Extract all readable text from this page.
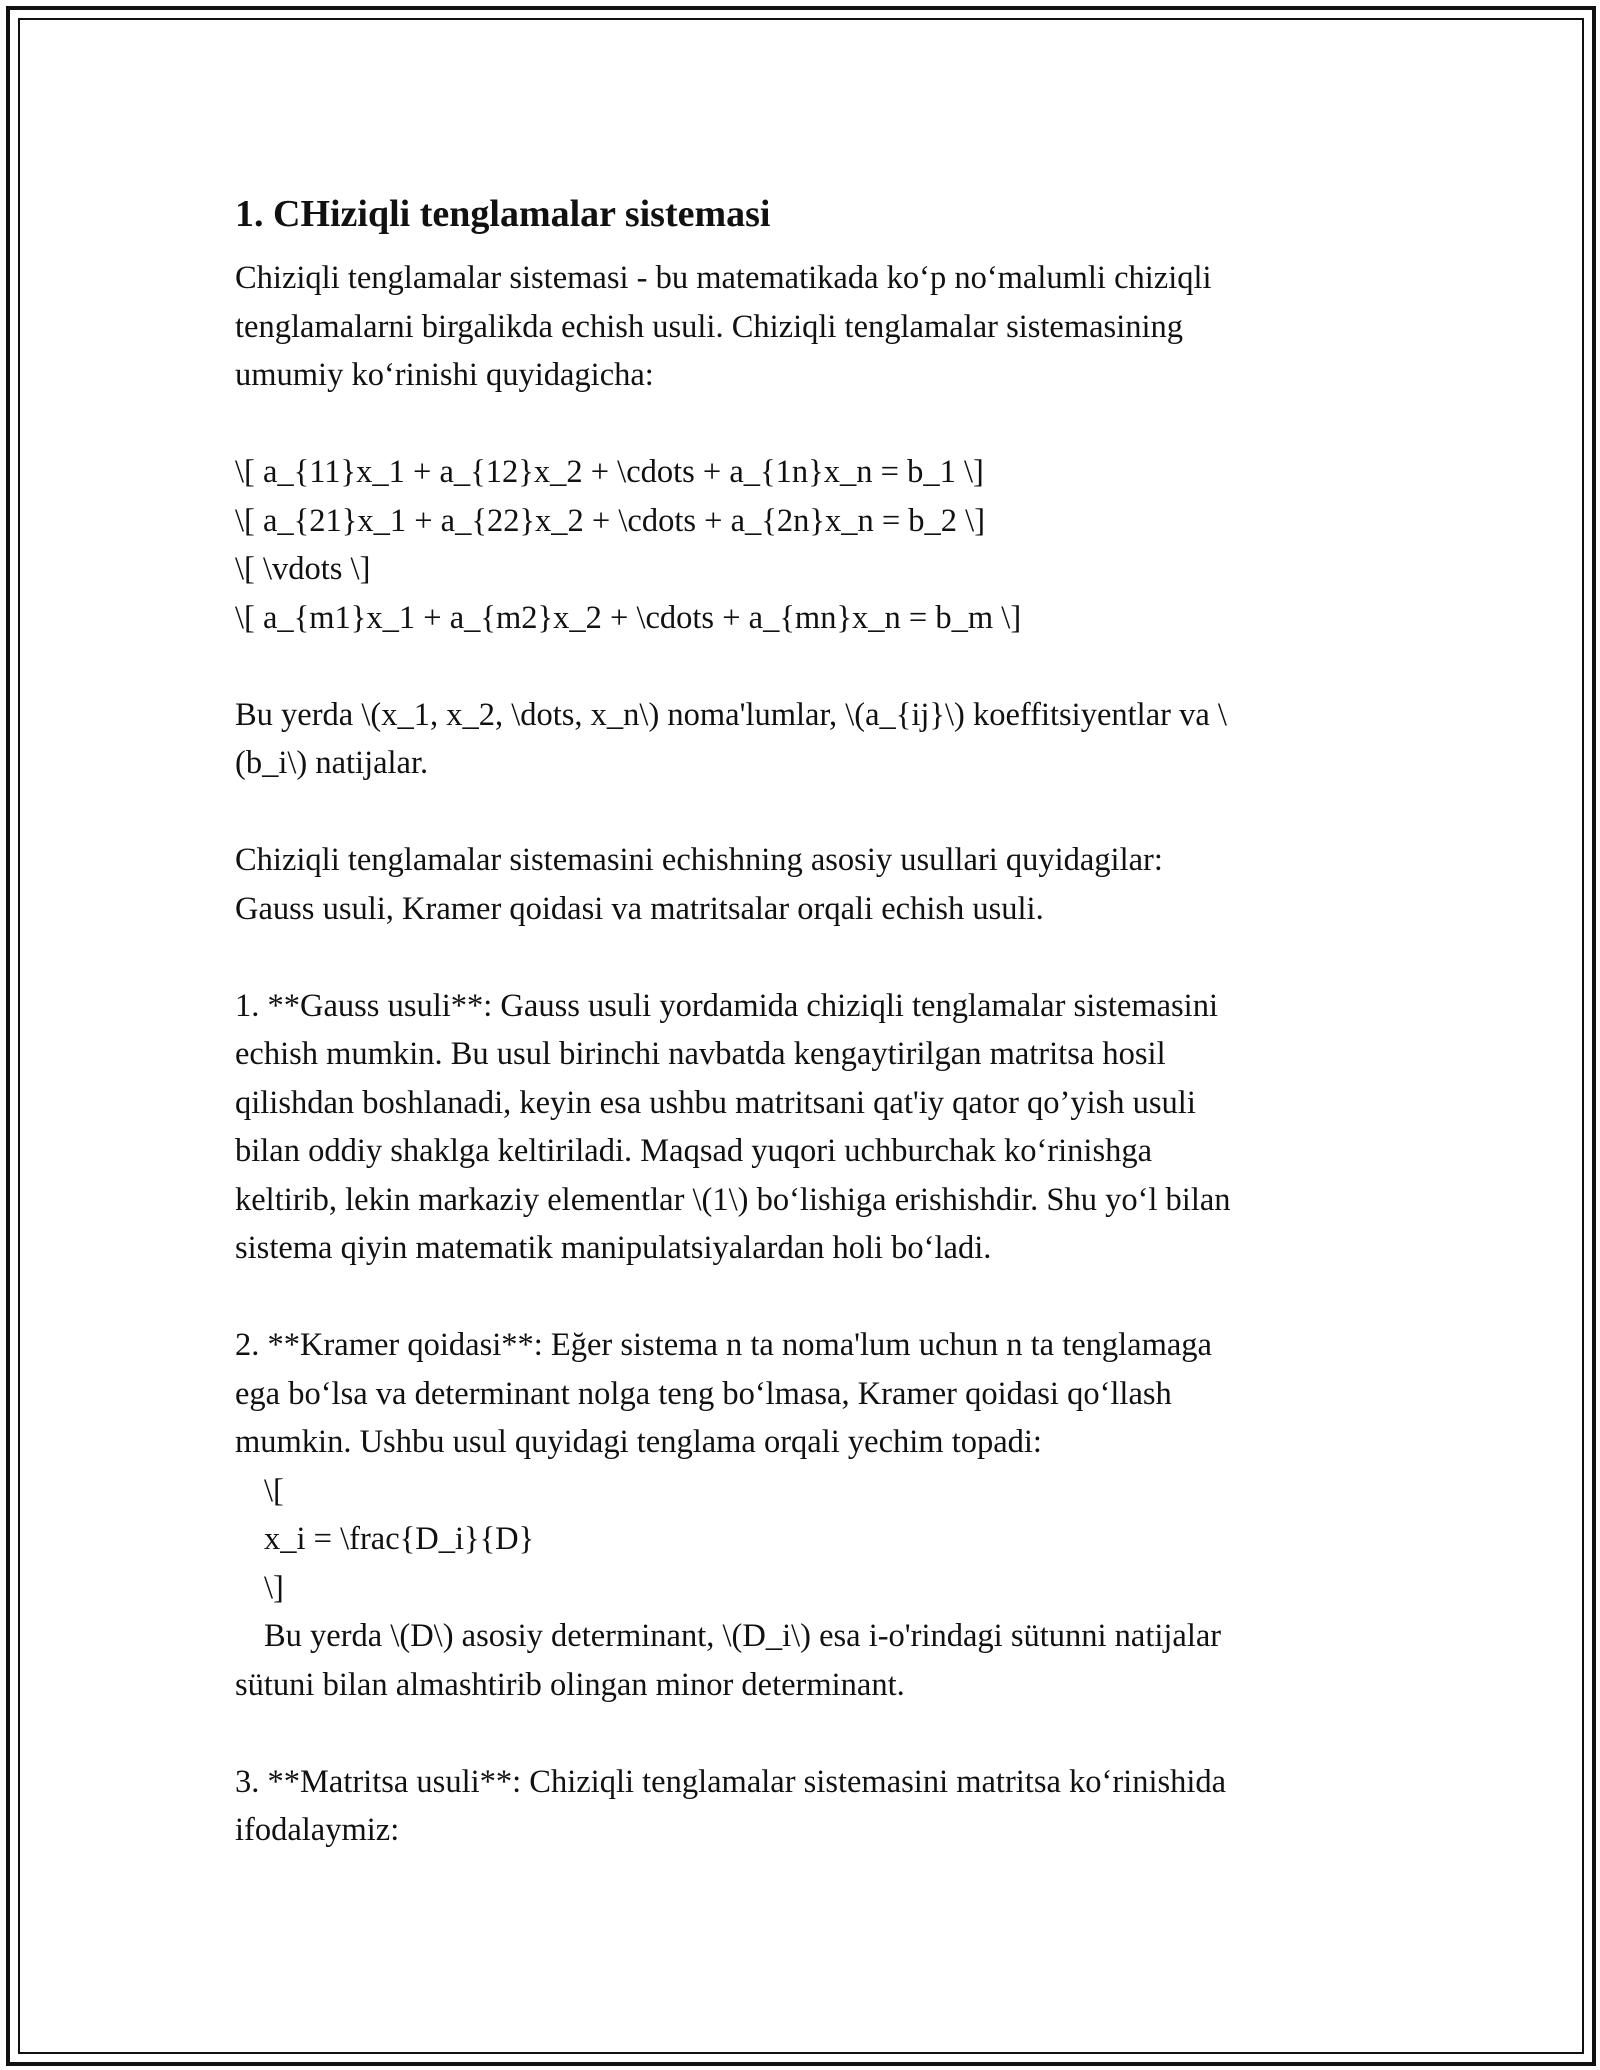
1. CHiziqli tenglamalar sistemasi

Chiziqli tenglamalar sistemasi - bu matematikada ko‘p no‘malumli chiziqli

tenglamalarni birgalikda echish usuli. Chiziqli tenglamalar sistemasining

umumiy ko‘rinishi quyidagicha:

\[ a_{11}x_1 + a_{12}x_2 + \cdots + a_{1n}x_n = b_1 \]

\[ a_{21}x_1 + a_{22}x_2 + \cdots + a_{2n}x_n = b_2 \]

\[ \vdots \]

\[ a_{m1}x_1 + a_{m2}x_2 + \cdots + a_{mn}x_n = b_m \]

Bu yerda \(x_1, x_2, \dots, x_n\) noma'lumlar, \(a_{ij}\) koeffitsiyentlar va \

(b_i\) natijalar.

Chiziqli tenglamalar sistemasini echishning asosiy usullari quyidagilar:

Gauss usuli, Kramer qoidasi va matritsalar orqali echish usuli.

1. **Gauss usuli**: Gauss usuli yordamida chiziqli tenglamalar sistemasini

echish mumkin. Bu usul birinchi navbatda kengaytirilgan matritsa hosil

qilishdan boshlanadi, keyin esa ushbu matritsani qat'iy qator qo’yish usuli

bilan oddiy shaklga keltiriladi. Maqsad yuqori uchburchak ko‘rinishga

keltirib, lekin markaziy elementlar \(1\) bo‘lishiga erishishdir. Shu yo‘l bilan

sistema qiyin matematik manipulatsiyalardan holi bo‘ladi.

2. **Kramer qoidasi**: Eğer sistema n ta noma'lum uchun n ta tenglamaga

ega bo‘lsa va determinant nolga teng bo‘lmasa, Kramer qoidasi qo‘llash

mumkin. Ushbu usul quyidagi tenglama orqali yechim topadi:

\[

x_i = \frac{D_i}{D}

\]

Bu yerda \(D\) asosiy determinant, \(D_i\) esa i-o'rindagi sütunni natijalar

sütuni bilan almashtirib olingan minor determinant.

3. **Matritsa usuli**: Chiziqli tenglamalar sistemasini matritsa ko‘rinishida

ifodalaymiz:
